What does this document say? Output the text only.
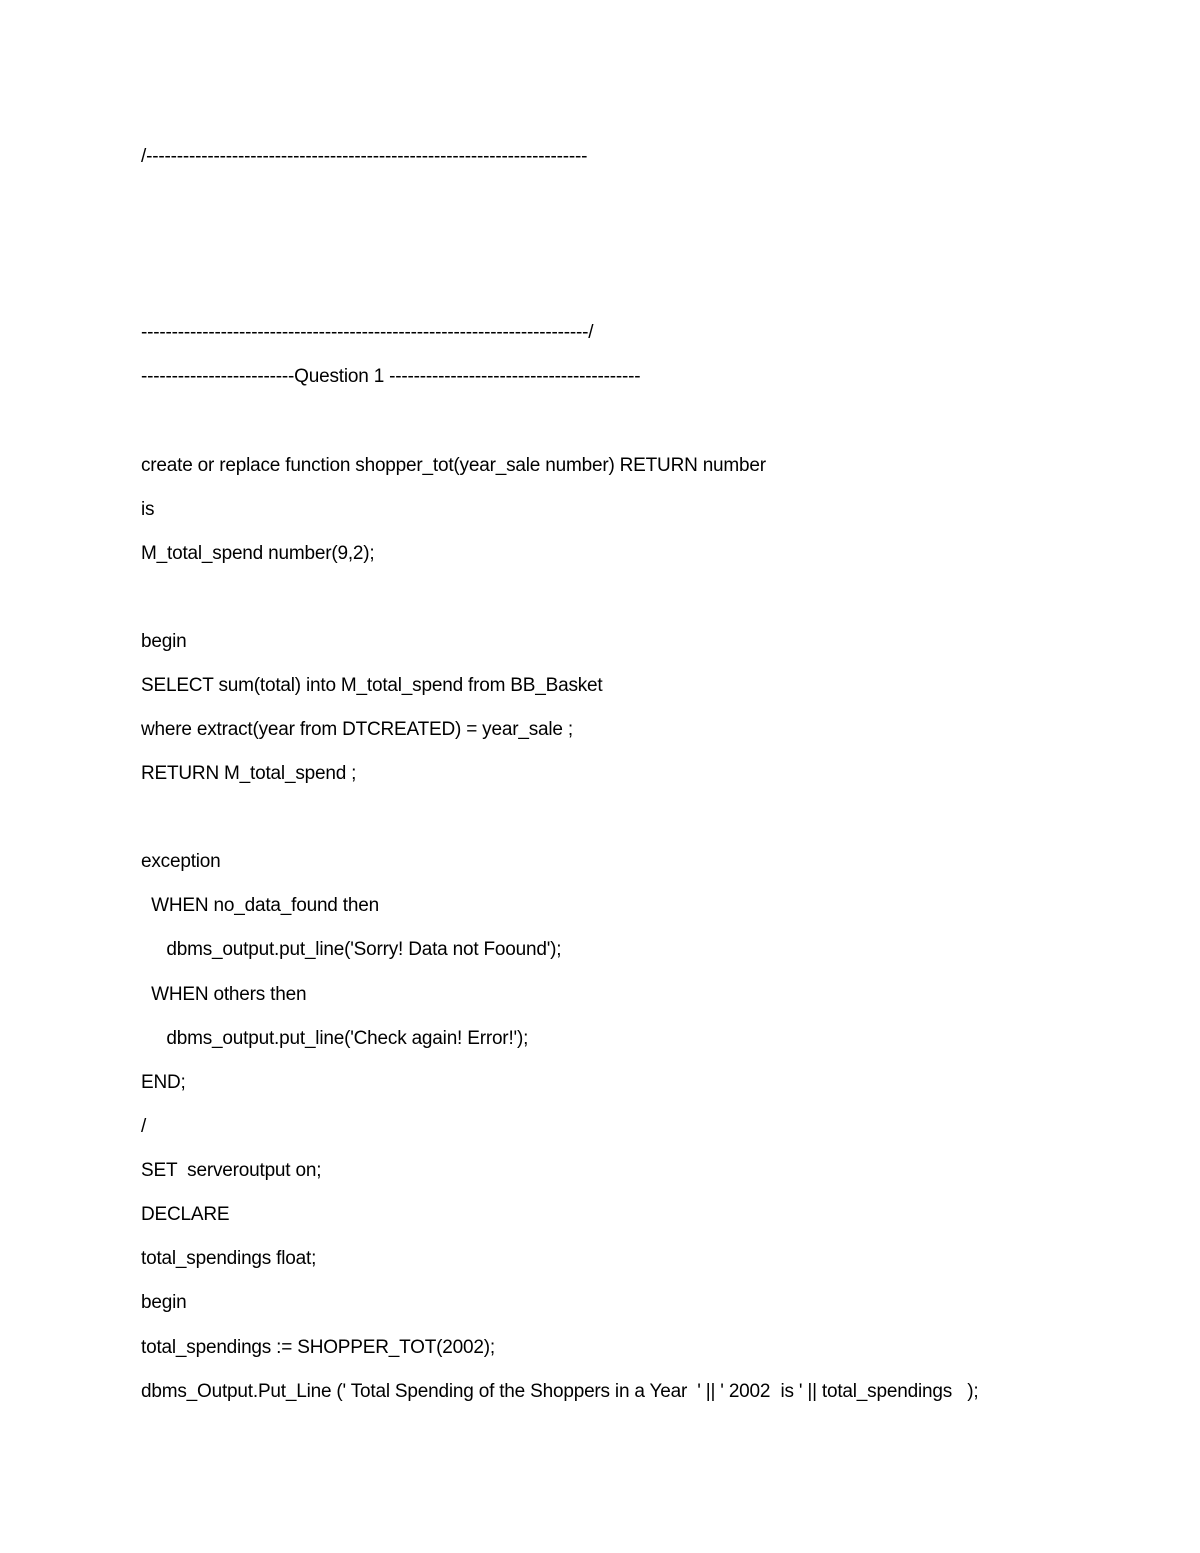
/------------------------------------------------------------------------
-------------------------------------------------------------------------/
-------------------------Question 1 -----------------------------------------
create or replace function shopper_tot(year_sale number) RETURN number
is
M_total_spend number(9,2);
begin
SELECT sum(total) into M_total_spend from BB_Basket
where extract(year from DTCREATED) = year_sale ;
RETURN M_total_spend ;
exception
WHEN no_data_found then
dbms_output.put_line('Sorry! Data not Foound');
WHEN others then
dbms_output.put_line('Check again! Error!');
END;
/
SET  serveroutput on;
DECLARE
total_spendings float;
begin
total_spendings := SHOPPER_TOT(2002);
dbms_Output.Put_Line (' Total Spending of the Shoppers in a Year  ' || ' 2002  is ' || total_spendings   );
